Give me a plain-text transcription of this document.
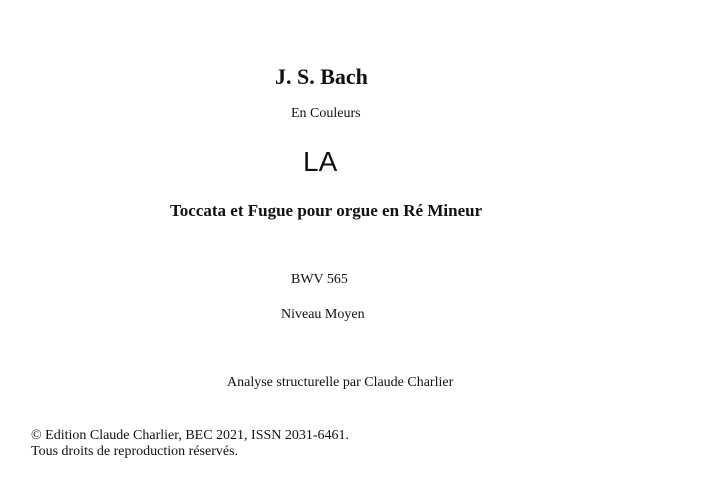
J. S. Bach
En Couleurs
LA
Toccata et Fugue pour orgue en Ré Mineur
BWV 565
Niveau Moyen
Analyse structurelle par Claude Charlier
© Edition Claude Charlier, BEC 2021, ISSN 2031-6461.
Tous droits de reproduction réservés.
